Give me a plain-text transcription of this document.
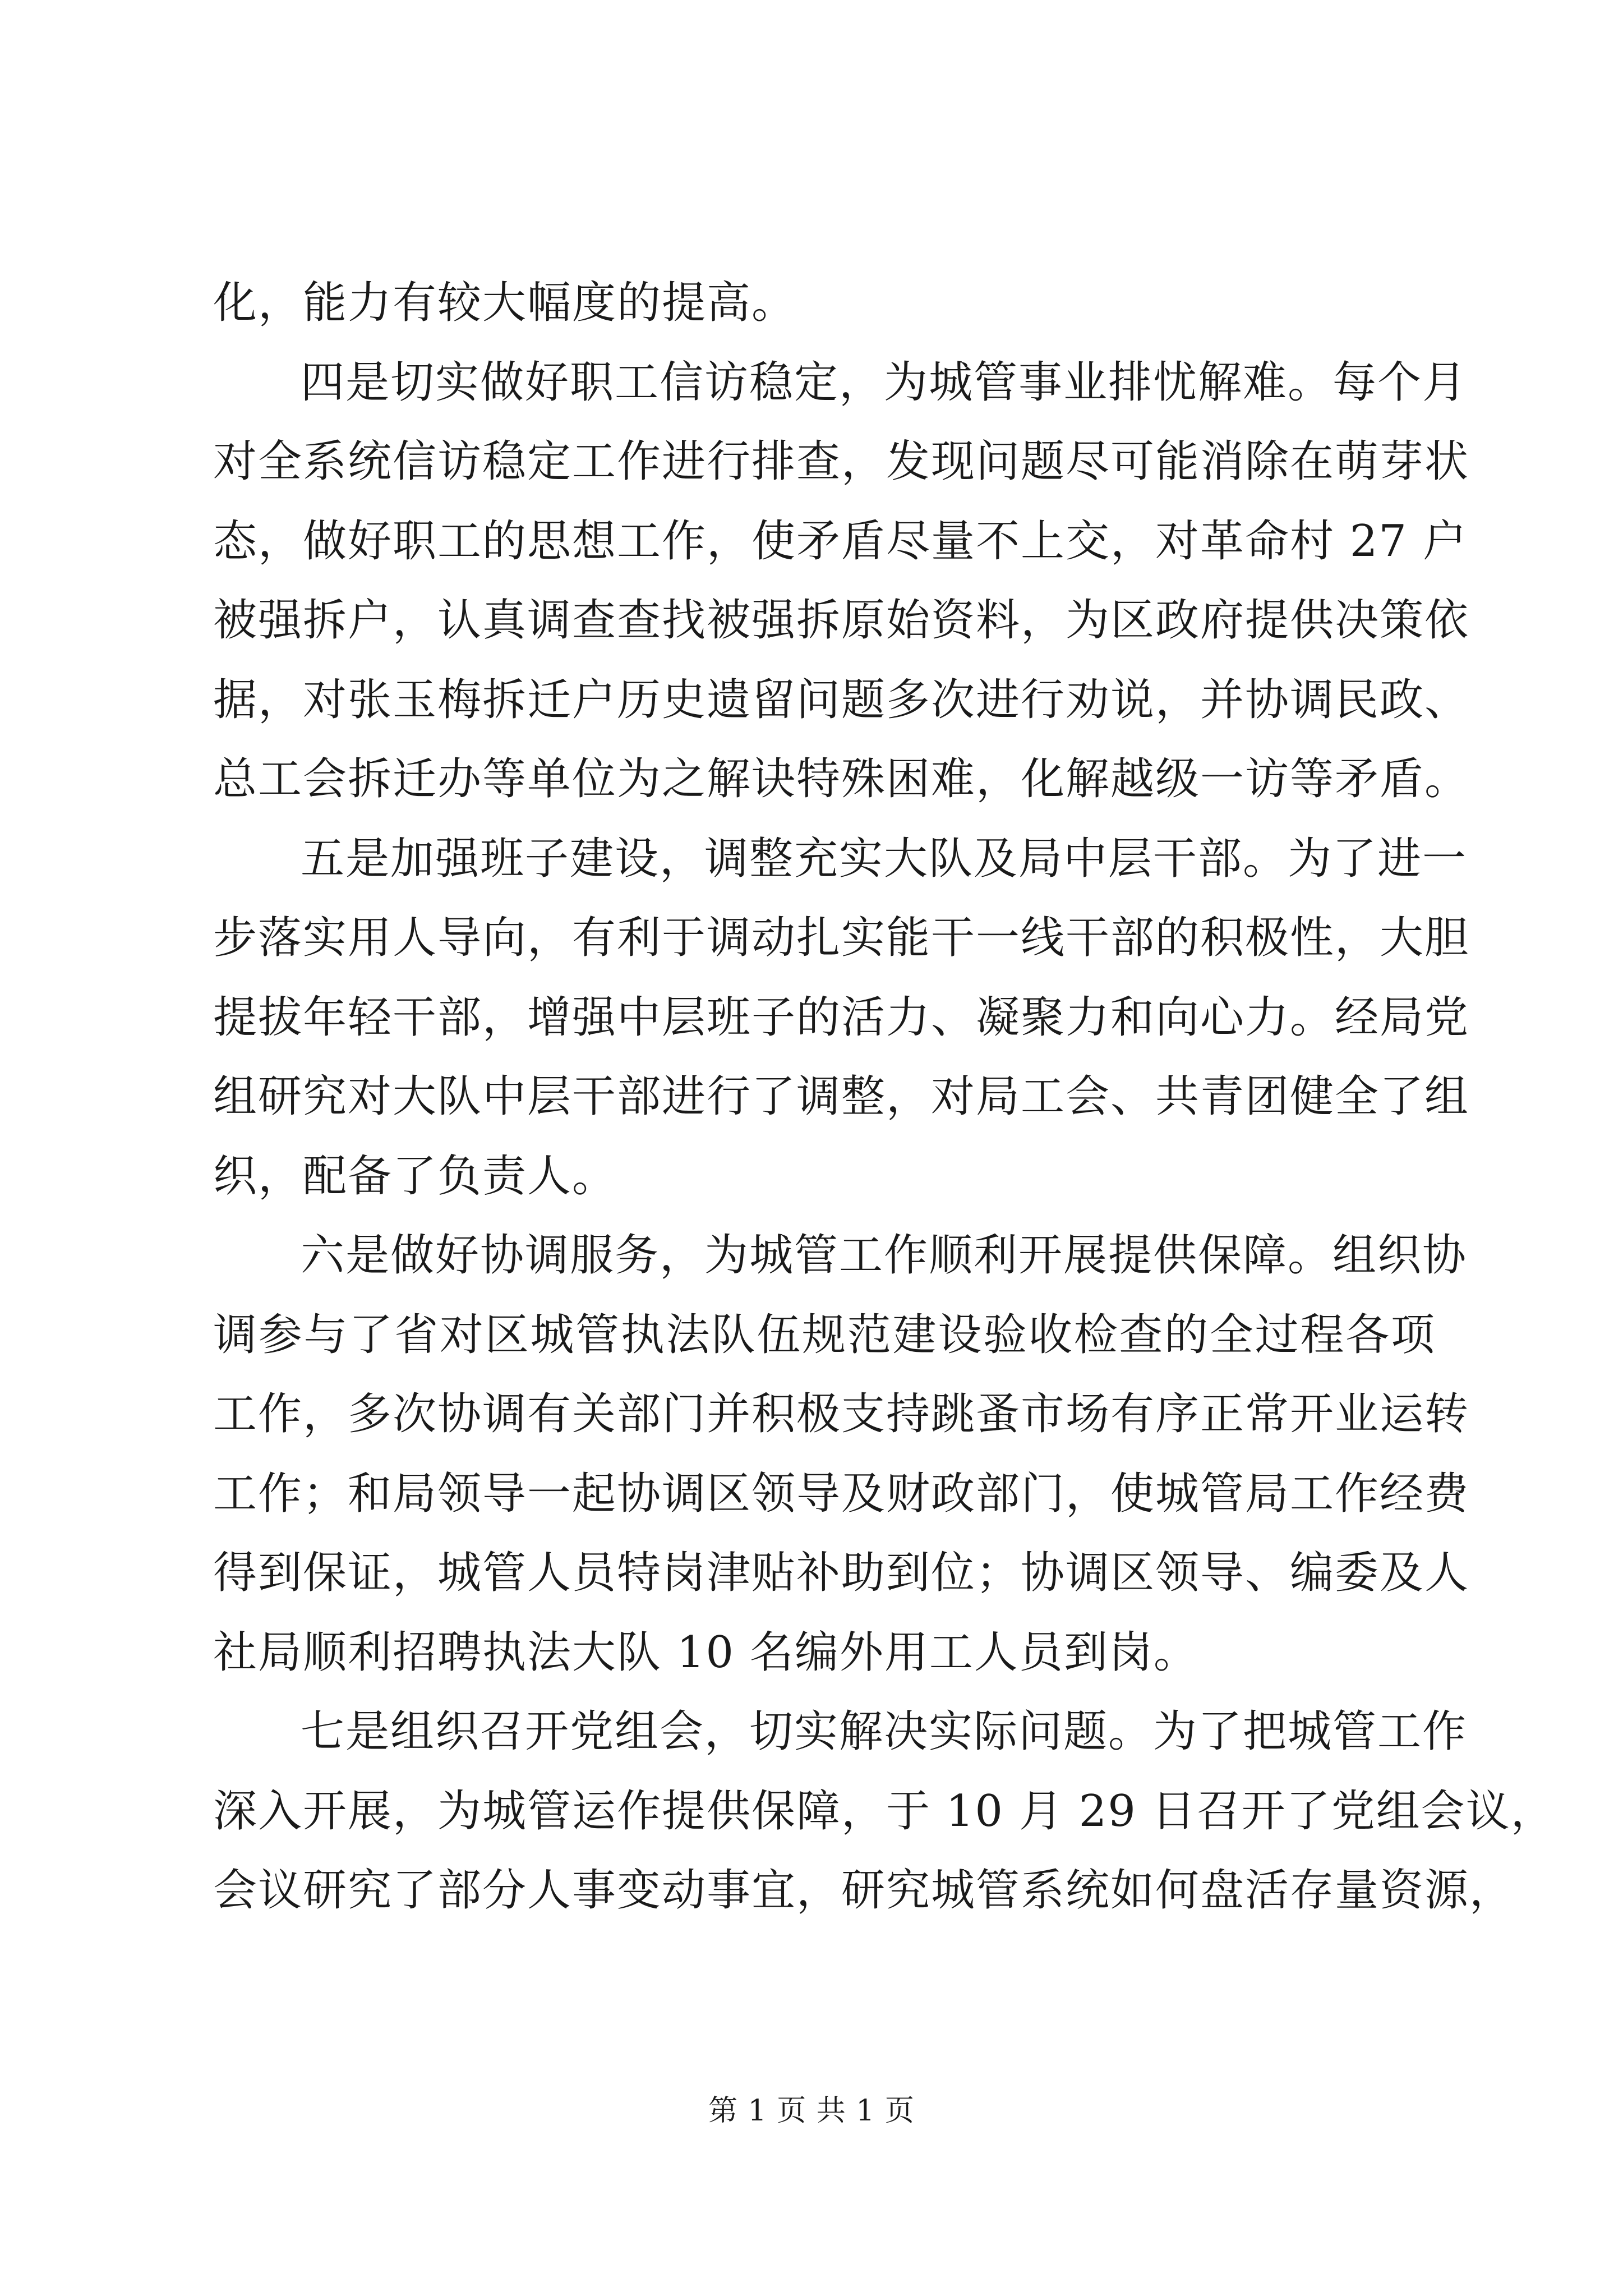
化，能力有较大幅度的提高。
四是切实做好职工信访稳定，为城管事业排忧解难。每个月
对全系统信访稳定工作进行排查，发现问题尽可能消除在萌芽状
态，做好职工的思想工作，使矛盾尽量不上交，对革命村 27 户
被强拆户，认真调查查找被强拆原始资料，为区政府提供决策依
据，对张玉梅拆迁户历史遗留问题多次进行劝说，并协调民政、
总工会拆迁办等单位为之解诀特殊困难，化解越级一访等矛盾。
五是加强班子建设，调整充实大队及局中层干部。为了进一
步落实用人导向，有利于调动扎实能干一线干部的积极性，大胆
提拔年轻干部，增强中层班子的活力、凝聚力和向心力。经局党
组研究对大队中层干部进行了调整，对局工会、共青团健全了组
织，配备了负责人。
六是做好协调服务，为城管工作顺利开展提供保障。组织协
调参与了省对区城管执法队伍规范建设验收检查的全过程各项
工作，多次协调有关部门并积极支持跳蚤市场有序正常开业运转
工作；和局领导一起协调区领导及财政部门，使城管局工作经费
得到保证，城管人员特岗津贴补助到位；协调区领导、编委及人
社局顺利招聘执法大队 10 名编外用工人员到岗。
七是组织召开党组会，切实解决实际问题。为了把城管工作
深入开展，为城管运作提供保障，于 10 月 29 日召开了党组会议，
会议研究了部分人事变动事宜，研究城管系统如何盘活存量资源，
第 1 页 共 1 页
